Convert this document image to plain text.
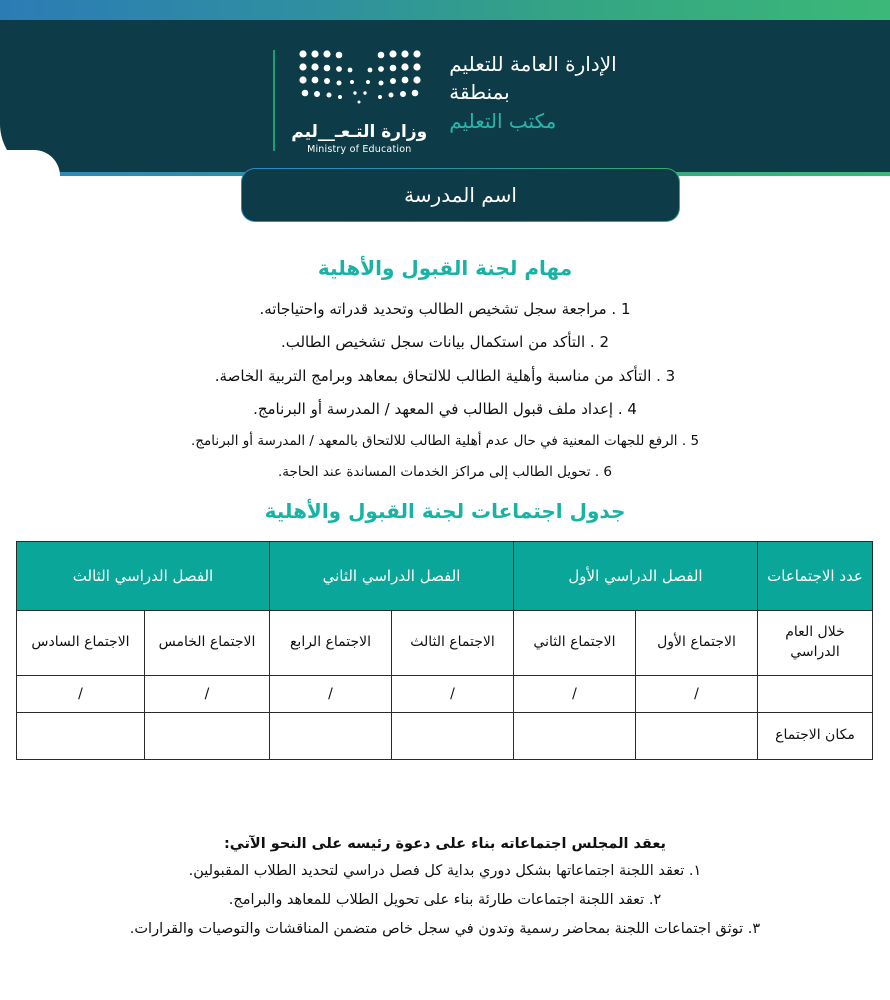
الإدارة العامة للتعليم
بمنطقة
مكتب التعليم
وزارة التـعـ__ليم
Ministry of Education
اسم المدرسة
مهام لجنة القبول والأهلية
1 . مراجعة سجل تشخيص الطالب وتحديد قدراته واحتياجاته.
2 . التأكد من استكمال بيانات سجل تشخيص الطالب.
3 . التأكد من مناسبة وأهلية الطالب للالتحاق بمعاهد وبرامج التربية الخاصة.
4 . إعداد ملف قبول الطالب في المعهد / المدرسة أو البرنامج.
5 . الرفع للجهات المعنية في حال عدم أهلية الطالب للالتحاق بالمعهد / المدرسة أو البرنامج.
6 . تحويل الطالب إلى مراكز الخدمات المساندة عند الحاجة.
جدول اجتماعات لجنة القبول والأهلية
عدد الاجتماعات	الفصل الدراسي الأول		الفصل الدراسي الثاني		الفصل الدراسي الثالث	
خلال العام الدراسي	الاجتماع الأول	الاجتماع الثاني	الاجتماع الثالث	الاجتماع الرابع	الاجتماع الخامس	الاجتماع السادس
	/	/	/	/	/	/
مكان الاجتماع						

يعقد المجلس اجتماعاته بناء على دعوة رئيسه على النحو الآتي:

١. تعقد اللجنة اجتماعاتها بشكل دوري بداية كل فصل دراسي لتحديد الطلاب المقبولين.
٢. تعقد اللجنة اجتماعات طارئة بناء على تحويل الطلاب للمعاهد والبرامج.
٣. توثق اجتماعات اللجنة بمحاضر رسمية وتدون في سجل خاص متضمن المناقشات والتوصيات والقرارات.
